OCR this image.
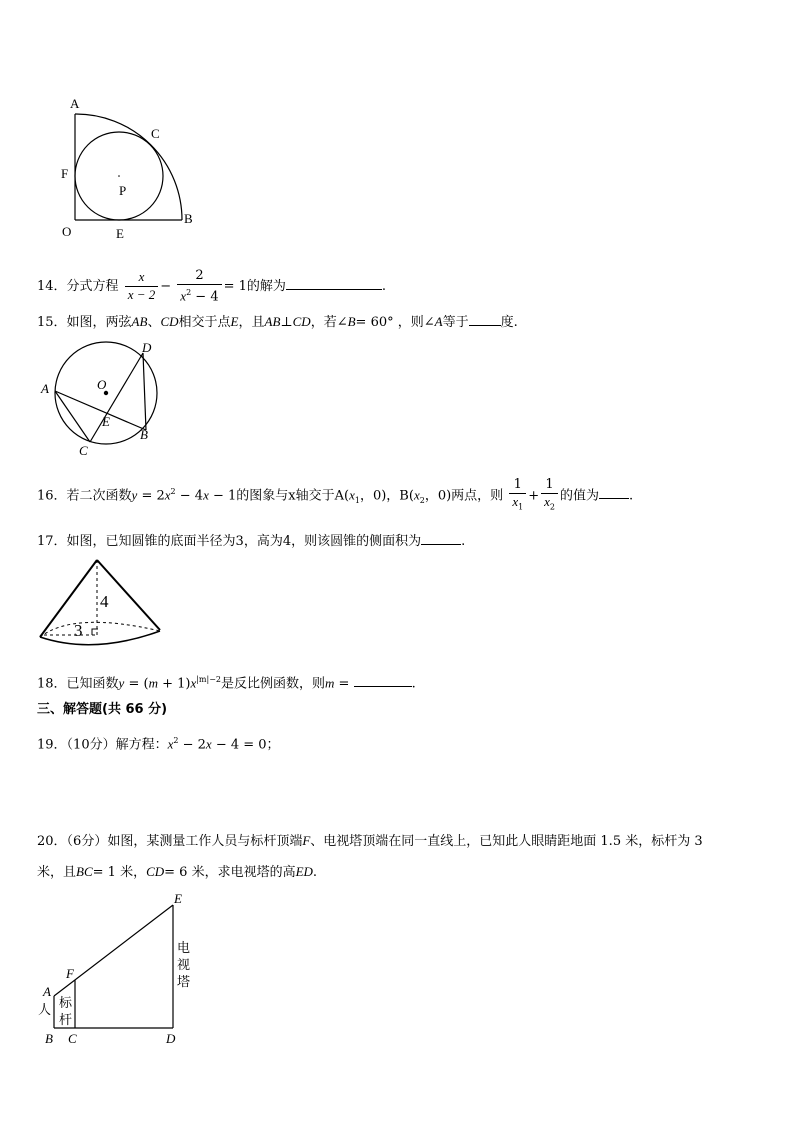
A
C
F
P
O	E
B
14．分式方程 $\frac{x}{x - 2} - \frac{2}{x^2 - 4} = 1$的解为	.
15．如图，两弦AB、CD相交于点E，且AB⊥CD，若∠B= 60° ，则∠A等于 度.
D
A	O
E
B
C
16．若二次函数$y = 2x^2 - 4x - 1$的图象与x轴交于$A(x_1$，0)，$B(x_2$，0)两点，则 $\frac{1}{x_1} + \frac{1}{x_2}$ 的值为 .
17．如图，已知圆锥的底面半径为3，高为4，则该圆锥的侧面积为	.
4
3
18．已知函数$y = (m + 1)x^{|m|-2}$是反比例函数，则m =	.
三、解答题(共 66 分)
19．（10分）解方程：$x^2 - 2x - 4 = 0$；
20．（6分）如图，某测量工作人员与标杆顶端F、电视塔顶端在同一直线上，已知此人眼睛距地面 1.5 米，标杆为 3
米，且BC= 1 米，CD= 6 米，求电视塔的高ED.
E
F
A
B C	D
人 标
杆
电
视
塔
